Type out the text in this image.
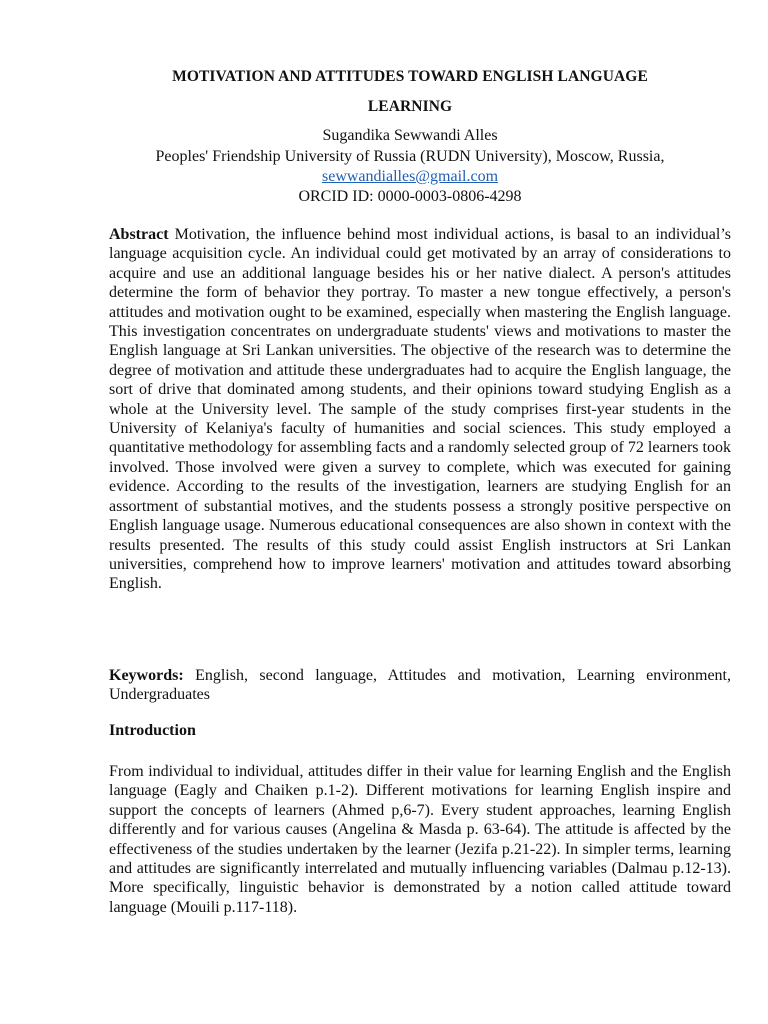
MOTIVATION AND ATTITUDES TOWARD ENGLISH LANGUAGE
LEARNING
Sugandika Sewwandi Alles
Peoples' Friendship University of Russia (RUDN University), Moscow, Russia,
sewwandialles@gmail.com
ORCID ID: 0000-0003-0806-4298
Abstract Motivation, the influence behind most individual actions, is basal to an individual’s language acquisition cycle. An individual could get motivated by an array of considerations to acquire and use an additional language besides his or her native dialect. A person's attitudes determine the form of behavior they portray. To master a new tongue effectively, a person's attitudes and motivation ought to be examined, especially when mastering the English language. This investigation concentrates on undergraduate students' views and motivations to master the English language at Sri Lankan universities. The objective of the research was to determine the degree of motivation and attitude these undergraduates had to acquire the English language, the sort of drive that dominated among students, and their opinions toward studying English as a whole at the University level. The sample of the study comprises first-year students in the University of Kelaniya's faculty of humanities and social sciences. This study employed a quantitative methodology for assembling facts and a randomly selected group of 72 learners took involved. Those involved were given a survey to complete, which was executed for gaining evidence. According to the results of the investigation, learners are studying English for an assortment of substantial motives, and the students possess a strongly positive perspective on English language usage. Numerous educational consequences are also shown in context with the results presented. The results of this study could assist English instructors at Sri Lankan universities, comprehend how to improve learners' motivation and attitudes toward absorbing English.
Keywords: English, second language, Attitudes and motivation, Learning environment, Undergraduates
Introduction
From individual to individual, attitudes differ in their value for learning English and the English language (Eagly and Chaiken p.1-2). Different motivations for learning English inspire and support the concepts of learners (Ahmed p,6-7). Every student approaches, learning English differently and for various causes (Angelina & Masda p. 63-64). The attitude is affected by the effectiveness of the studies undertaken by the learner (Jezifa p.21-22). In simpler terms, learning and attitudes are significantly interrelated and mutually influencing variables (Dalmau p.12-13). More specifically, linguistic behavior is demonstrated by a notion called attitude toward language (Mouili p.117-118).
